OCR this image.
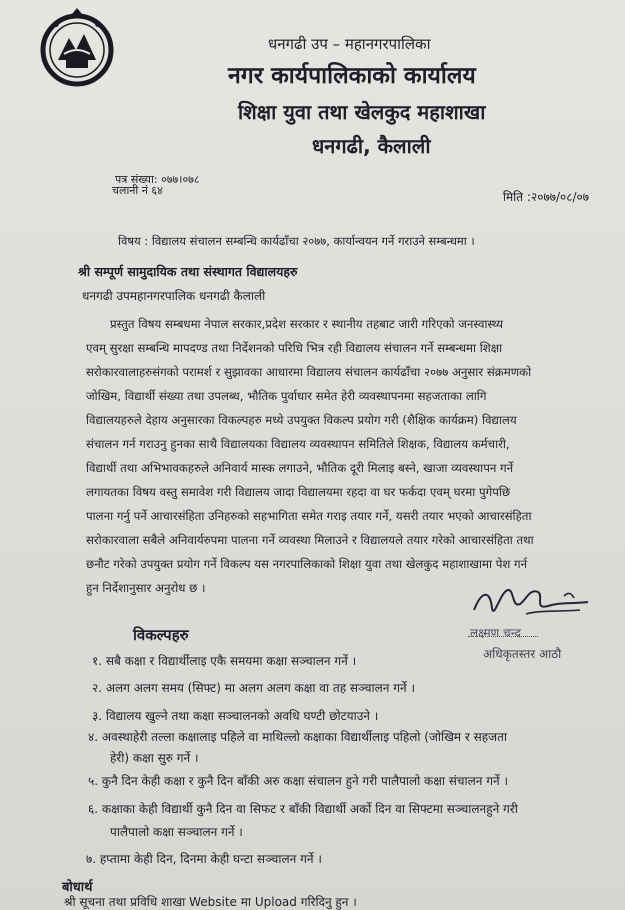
धनगढी उप – महानगरपालिका
नगर कार्यपालिकाको कार्यालय
शिक्षा युवा तथा खेलकुद महाशाखा
धनगढी, कैलाली
पत्र संख्या: ०७७।०७८
चलानी नं ६४	मिति :२०७७/०८/०७
विषय : विद्यालय संचालन सम्बन्धि कार्यढाँचा २०७७, कार्यान्वयन गर्ने गराउने सम्बन्धमा ।
श्री सम्पूर्ण सामुदायिक तथा संस्थागत विद्यालयहरु
धनगढी उपमहानगरपालिक धनगढी कैलाली
प्रस्तुत विषय सम्बधमा नेपाल सरकार,प्रदेश सरकार र स्थानीय तहबाट जारी गरिएको जनस्वास्थ्य
एवम् सुरक्षा सम्बन्धि मापदण्ड तथा निर्देशनको परिधि भित्र रही विद्यालय संचालन गर्ने सम्बन्धमा शिक्षा
सरोकारवालाहरुसंगको परामर्श र सुझावका आधारमा विद्यालय संचालन कार्यढाँचा २०७७ अनुसार संक्रमणको
जोखिम, विद्यार्थी संख्या तथा उपलब्ध, भौतिक पुर्वाधार समेत हेरी व्यवस्थापनमा सहजताका लागि
विद्यालयहरुले देहाय अनुसारका विकल्पहरु मध्ये उपयुक्त विकल्प प्रयोग गरी (शैक्षिक कार्यक्रम) विद्यालय
संचालन गर्न गराउनु हुनका साथै विद्यालयका विद्यालय व्यवस्थापन समितिले शिक्षक, विद्यालय कर्मचारी,
विद्यार्थी तथा अभिभावकहरुले अनिवार्य मास्क लगाउने, भौतिक दूरी मिलाइ बस्ने, खाजा व्यवस्थापन गर्ने
लगायतका विषय वस्तु समावेश गरी विद्यालय जादा विद्यालयमा रहदा वा घर फर्कदा एवम् घरमा पुगेपछि
पालना गर्नु पर्ने आचारसंहिता उनिहरुको सहभागिता समेत गराइ तयार गर्ने, यसरी तयार भएको आचारसंहिता
सरोकारवाला सबैले अनिवार्यरुपमा पालना गर्ने व्यवस्था मिलाउने र विद्यालयले तयार गरेको आचारसंहिता तथा
छनौट गरेको उपयुक्त प्रयोग गर्ने विकल्प यस नगरपालिकाको शिक्षा युवा तथा खेलकुद महाशाखामा पेश गर्न
हुन निर्देशानुसार अनुरोध छ ।
लक्ष्मण चन्द
अधिकृतस्तर आठौ
विकल्पहरु
१. सबै कक्षा र विद्यार्थीलाइ एकै समयमा कक्षा सञ्चालन गर्ने ।
२. अलग अलग समय (सिफ्ट) मा अलग अलग कक्षा वा तह सञ्चालन गर्ने ।
३. विद्यालय खुल्ने तथा कक्षा सञ्चालनको अवधि घण्टी छोटयाउने ।
४. अवस्थाहेरी तल्ला कक्षालाइ पहिले वा माथिल्लो कक्षाका विद्यार्थीलाइ पहिलो (जोखिम र सहजता
हेरी) कक्षा सुरु गर्ने ।
५. कुनै दिन केही कक्षा र कुनै दिन बाँकी अरु कक्षा संचालन हुने गरी पालैपालो कक्षा संचालन गर्ने ।
६. कक्षाका केही विद्यार्थी कुनै दिन वा सिफट र बाँकी विद्यार्थी अर्को दिन वा सिफ्टमा सञ्चालनहुने गरी
पालैपालो कक्षा सञ्चालन गर्ने ।
७. हप्तामा केही दिन, दिनमा केही घन्टा सञ्चालन गर्ने ।
बोधार्थ
श्री सूचना तथा प्रविधि शाखा Website मा Upload गरिदिनु हुन ।
